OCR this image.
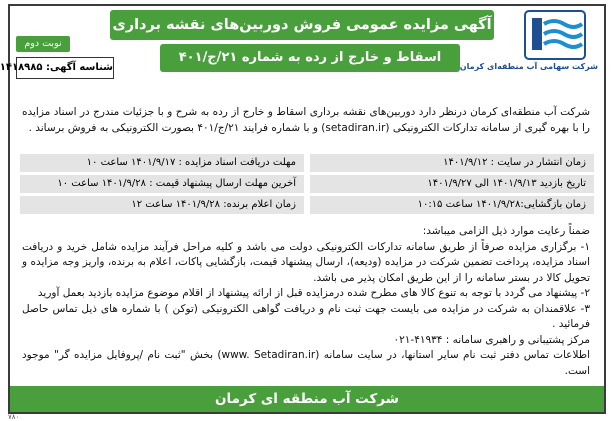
آگهی مزایده عمومی فروش دوربین‌های نقشه برداری
اسقاط و خارج از رده به شماره ۲۱/ج/۴۰۱
شرکت سهامی آب منطقه‌ای کرمان
نوبت دوم
شناسه آگهی: ۱۴۱۸۹۸۵
شرکت آب منطقه‌ای کرمان درنظر دارد دوربین‌های نقشه برداری اسقاط و خارج از رده به شرح و با جزئیات مندرج در اسناد مزایده را با بهره گیری از سامانه تدارکات الکترونیکی (setadiran.ir) و با شماره فرایند ۲۱/ج/۴۰۱ بصورت الکترونیکی به فروش برساند .
زمان انتشار در سایت : ۱۴۰۱/۹/۱۲
مهلت دریافت اسناد مزایده : ۱۴۰۱/۹/۱۷ ساعت ۱۰
تاریخ بازدید ۱۴۰۱/۹/۱۳ الی ۱۴۰۱/۹/۲۷
آخرین مهلت ارسال پیشنهاد قیمت : ۱۴۰۱/۹/۲۸ ساعت ۱۰
زمان بازگشایی:۱۴۰۱/۹/۲۸ ساعت ۱۰:۱۵
زمان اعلام برنده: ۱۴۰۱/۹/۲۸ ساعت ۱۲

ضمناً رعایت موارد ذیل الزامی میباشد:

۱- برگزاری مزایده صرفاً از طریق سامانه تدارکات الکترونیکی دولت می باشد و کلیه مراحل فرآیند مزایده شامل خرید و دریافت اسناد مزایده، پرداخت تضمین شرکت در مزایده (ودیعه)، ارسال پیشنهاد قیمت، بازگشایی پاکات، اعلام به برنده، واریز وجه مزایده و تحویل کالا در بستر سامانه را از این طریق امکان پذیر می باشد.

۲- پیشنهاد می گردد با توجه به تنوع کالا های مطرح شده درمزایده قبل از ارائه پیشنهاد از اقلام موضوع مزایده بازدید بعمل آورید

۳- علاقمندان به شرکت در مزایده می بایست جهت ثبت نام و دریافت گواهی الکترونیکی (توکن ) با شماره های ذیل تماس حاصل فرمائید .

مرکز پشتیبانی و راهبری سامانه : ۴۱۹۳۴-۰۲۱

اطلاعات تماس دفتر ثبت نام سایر استانها، در سایت سامانه (www. Setadiran.ir) بخش "ثبت نام /پروفایل مزایده گر" موجود است.

شرکت آب منطقه ای کرمان
۷۸۰
